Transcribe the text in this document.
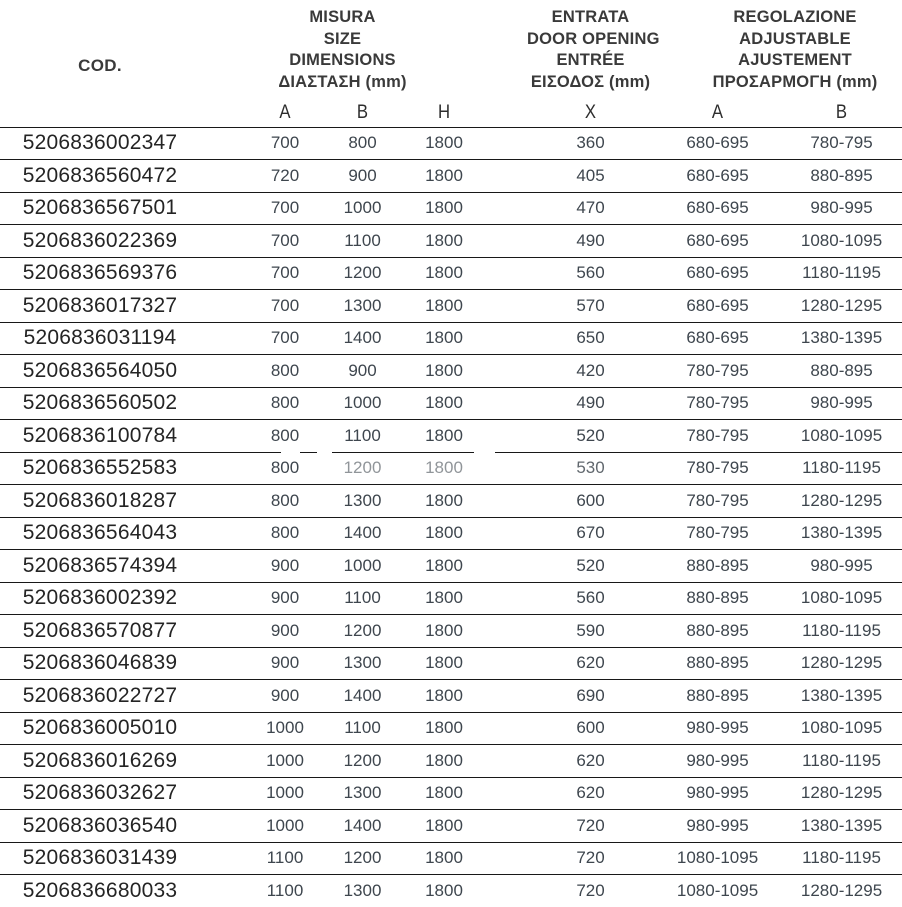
COD.		
MISURA
SIZE
DIMENSIONS
ΔΙΑΣΤΑΣΗ (mm)

ENTRATA
DOOR OPENING
ENTRÉE
ΕΙΣΟΔΟΣ (mm)

REGOLAZIONE
ADJUSTABLE
AJUSTEMENT
ΠΡΟΣΑΡΜΟΓΗ (mm)

		A	B	H		X	A	B
5206836002347		700	800	1800		360	680-695	780-795
5206836560472		720	900	1800		405	680-695	880-895
5206836567501		700	1000	1800		470	680-695	980-995
5206836022369		700	1100	1800		490	680-695	1080-1095
5206836569376		700	1200	1800		560	680-695	1180-1195
5206836017327		700	1300	1800		570	680-695	1280-1295
5206836031194		700	1400	1800		650	680-695	1380-1395
5206836564050		800	900	1800		420	780-795	880-895
5206836560502		800	1000	1800		490	780-795	980-995
5206836100784		800	1100	1800		520	780-795	1080-1095
5206836552583		800	1200	1800		530	780-795	1180-1195
5206836018287		800	1300	1800		600	780-795	1280-1295
5206836564043		800	1400	1800		670	780-795	1380-1395
5206836574394		900	1000	1800		520	880-895	980-995
5206836002392		900	1100	1800		560	880-895	1080-1095
5206836570877		900	1200	1800		590	880-895	1180-1195
5206836046839		900	1300	1800		620	880-895	1280-1295
5206836022727		900	1400	1800		690	880-895	1380-1395
5206836005010		1000	1100	1800		600	980-995	1080-1095
5206836016269		1000	1200	1800		620	980-995	1180-1195
5206836032627		1000	1300	1800		620	980-995	1280-1295
5206836036540		1000	1400	1800		720	980-995	1380-1395
5206836031439		1100	1200	1800		720	1080-1095	1180-1195
5206836680033		1100	1300	1800		720	1080-1095	1280-1295
